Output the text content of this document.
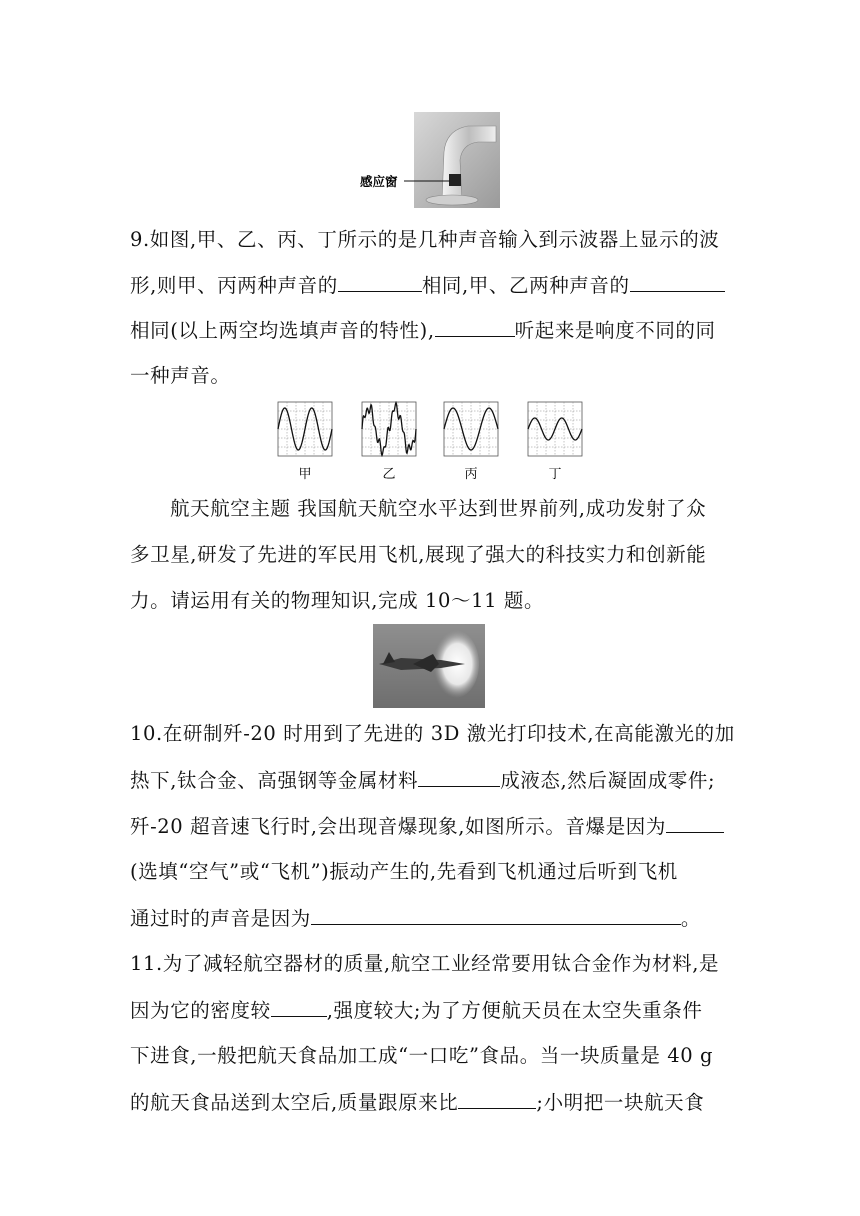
感应窗
9.如图,甲、乙、丙、丁所示的是几种声音输入到示波器上显示的波
形,则甲、丙两种声音的	相同,甲、乙两种声音的
相同(以上两空均选填声音的特性),	听起来是响度不同的同
一种声音。
甲	乙	丙	丁
航天航空主题 我国航天航空水平达到世界前列,成功发射了众
多卫星,研发了先进的军民用飞机,展现了强大的科技实力和创新能
力。请运用有关的物理知识,完成 10～11 题。
10.在研制歼-20 时用到了先进的 3D 激光打印技术,在高能激光的加
热下,钛合金、高强钢等金属材料	成液态,然后凝固成零件;
歼-20 超音速飞行时,会出现音爆现象,如图所示。音爆是因为
(选填“空气”或“飞机”)振动产生的,先看到飞机通过后听到飞机
通过时的声音是因为	。
11.为了减轻航空器材的质量,航空工业经常要用钛合金作为材料,是
因为它的密度较	,强度较大;为了方便航天员在太空失重条件
下进食,一般把航天食品加工成“一口吃”食品。当一块质量是 40 g
的航天食品送到太空后,质量跟原来比	;小明把一块航天食
